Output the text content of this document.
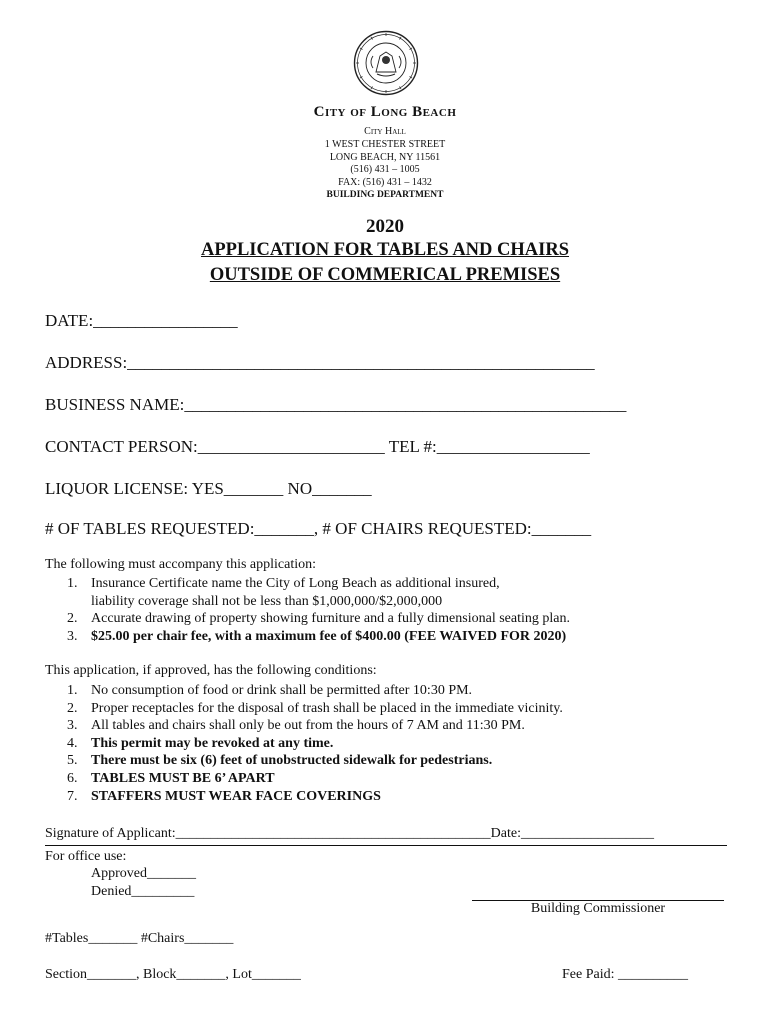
City of Long Beach
City Hall
1 WEST CHESTER STREET
LONG BEACH, NY 11561
(516) 431 – 1005
FAX: (516) 431 – 1432
BUILDING DEPARTMENT
2020
APPLICATION FOR TABLES AND CHAIRS
OUTSIDE OF COMMERICAL PREMISES
DATE:_________________
ADDRESS:_______________________________________________________
BUSINESS NAME:____________________________________________________
CONTACT PERSON:______________________ TEL #:__________________
LIQUOR LICENSE: YES_______ NO_______
# OF TABLES REQUESTED:_______, # OF CHAIRS REQUESTED:_______
The following must accompany this application:
1. Insurance Certificate name the City of Long Beach as additional insured,
liability coverage shall not be less than $1,000,000/$2,000,000
2. Accurate drawing of property showing furniture and a fully dimensional seating plan.
3. $25.00 per chair fee, with a maximum fee of $400.00 (FEE WAIVED FOR 2020)
This application, if approved, has the following conditions:
1. No consumption of food or drink shall be permitted after 10:30 PM.
2. Proper receptacles for the disposal of trash shall be placed in the immediate vicinity.
3. All tables and chairs shall only be out from the hours of 7 AM and 11:30 PM.
4. This permit may be revoked at any time.
5. There must be six (6) feet of unobstructed sidewalk for pedestrians.
6. TABLES MUST BE 6’ APART
7. STAFFERS MUST WEAR FACE COVERINGS
Signature of Applicant:_____________________________________________Date:___________________
For office use:
Approved_______
Denied_________
Building Commissioner
#Tables_______ #Chairs_______
Section_______, Block_______, Lot_______	Fee Paid: __________
